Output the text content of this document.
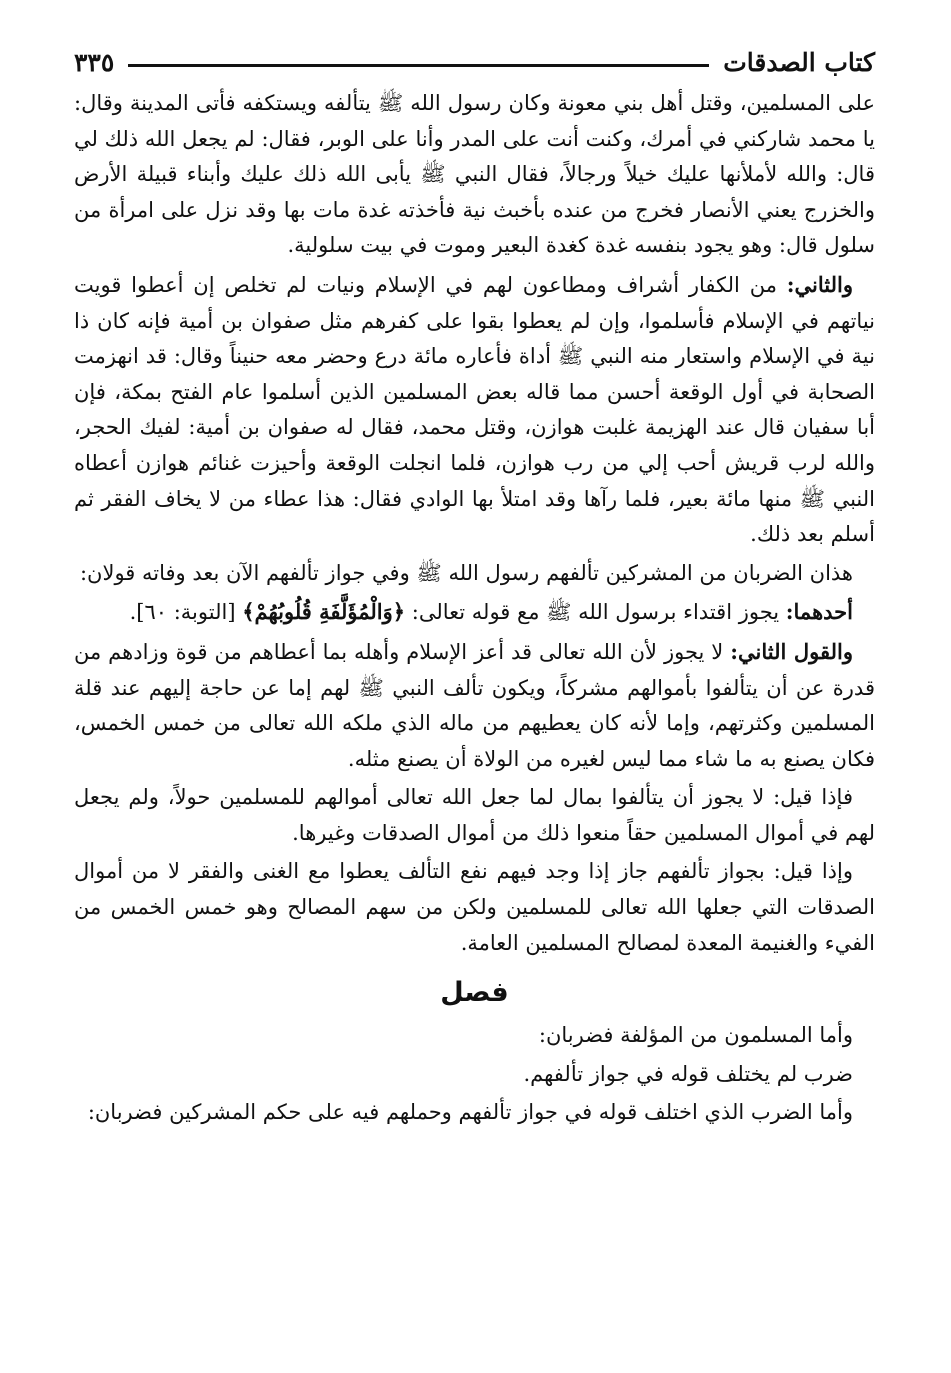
كتاب الصدقات
٣٣٥

على المسلمين، وقتل أهل بني معونة وكان رسول الله ﷺ يتألفه ويستكفه فأتى المدينة وقال: يا محمد شاركني في أمرك، وكنت أنت على المدر وأنا على الوبر، فقال: لم يجعل الله ذلك لي قال: والله لأملأنها عليك خيلاً ورجالاً، فقال النبي ﷺ يأبى الله ذلك عليك وأبناء قبيلة الأرض والخزرج يعني الأنصار فخرج من عنده بأخبث نية فأخذته غدة مات بها وقد نزل على امرأة من سلول قال: وهو يجود بنفسه غدة كغدة البعير وموت في بيت سلولية.

والثاني: من الكفار أشراف ومطاعون لهم في الإسلام ونيات لم تخلص إن أعطوا قويت نياتهم في الإسلام فأسلموا، وإن لم يعطوا بقوا على كفرهم مثل صفوان بن أمية فإنه كان ذا نية في الإسلام واستعار منه النبي ﷺ أداة فأعاره مائة درع وحضر معه حنيناً وقال: قد انهزمت الصحابة في أول الوقعة أحسن مما قاله بعض المسلمين الذين أسلموا عام الفتح بمكة، فإن أبا سفيان قال عند الهزيمة غلبت هوازن، وقتل محمد، فقال له صفوان بن أمية: لفيك الحجر، والله لرب قريش أحب إلي من رب هوازن، فلما انجلت الوقعة وأحيزت غنائم هوازن أعطاه النبي ﷺ منها مائة بعير، فلما رآها وقد امتلأ بها الوادي فقال: هذا عطاء من لا يخاف الفقر ثم أسلم بعد ذلك.

هذان الضربان من المشركين تألفهم رسول الله ﷺ وفي جواز تألفهم الآن بعد وفاته قولان:

أحدهما: يجوز اقتداء برسول الله ﷺ مع قوله تعالى: ﴿وَالْمُؤَلَّفَةِ قُلُوبُهُمْ﴾ [التوبة: ٦٠].

والقول الثاني: لا يجوز لأن الله تعالى قد أعز الإسلام وأهله بما أعطاهم من قوة وزادهم من قدرة عن أن يتألفوا بأموالهم مشركاً، ويكون تألف النبي ﷺ لهم إما عن حاجة إليهم عند قلة المسلمين وكثرتهم، وإما لأنه كان يعطيهم من ماله الذي ملكه الله تعالى من خمس الخمس، فكان يصنع به ما شاء مما ليس لغيره من الولاة أن يصنع مثله.

فإذا قيل: لا يجوز أن يتألفوا بمال لما جعل الله تعالى أموالهم للمسلمين حولاً، ولم يجعل لهم في أموال المسلمين حقاً منعوا ذلك من أموال الصدقات وغيرها.

وإذا قيل: بجواز تألفهم جاز إذا وجد فيهم نفع التألف يعطوا مع الغنى والفقر لا من أموال الصدقات التي جعلها الله تعالى للمسلمين ولكن من سهم المصالح وهو خمس الخمس من الفيء والغنيمة المعدة لمصالح المسلمين العامة.

فصل

وأما المسلمون من المؤلفة فضربان:

ضرب لم يختلف قوله في جواز تألفهم.

وأما الضرب الذي اختلف قوله في جواز تألفهم وحملهم فيه على حكم المشركين فضربان:
